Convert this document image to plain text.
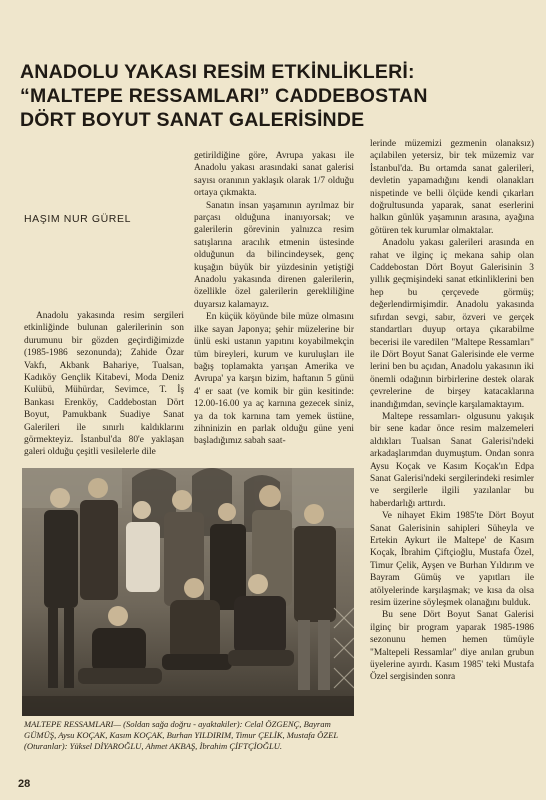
ANADOLU YAKASI RESİM ETKİNLİKLERİ:
“MALTEPE RESSAMLARI” CADDEBOSTAN
DÖRT BOYUT SANAT GALERİSİNDE
HAŞIM NUR GÜREL

Anadolu yakasında resim sergileri etkinliğinde bulunan galerilerinin son durumunu bir gözden geçirdiğimizde (1985-1986 sezonunda); Zahide Özar Vakfı, Akbank Bahariye, Tualsan, Kadıköy Gençlik Kitabevi, Moda Deniz Kulübü, Mühürdar, Sevimce, T. İş Bankası Erenköy, Caddebostan Dört Boyut, Pamukbank Suadiye Sanat Galerileri ile sınırlı kaldıklarını görmekteyiz. İstanbul'da 80'e yaklaşan galeri olduğu çeşitli vesilelerle dile

getirildiğine göre, Avrupa yakası ile Anadolu yakası arasındaki sanat galerisi sayısı oranının yaklaşık olarak 1/7 olduğu ortaya çıkmakta.

Sanatın insan yaşamının ayrılmaz bir parçası olduğuna inanıyorsak; ve galerilerin görevinin yalnızca resim satışlarına aracılık etmenin üstesinde olduğunun da bilincindeysek, genç kuşağın büyük bir yüzdesinin yetiştiği Anadolu yakasında direnen galerilerin, özellikle özel galerilerin gerekliliğine duyarsız kalamayız.

En küçük köyünde bile müze olmasını ilke sayan Japonya; şehir müzelerine bir ünlü eski ustanın yapıtını koyabilmekçin tüm bireyleri, kurum ve kuruluşları ile bağış toplamakta yarışan Amerika ve Avrupa' ya karşın bizim, haftanın 5 günü 4' er saat (ve komik bir gün kesitinde: 12.00-16.00 ya aç karnına gezecek siniz, ya da tok karnına tam yemek üstüne, zihninizin en parlak olduğu güne yeni başladığımız sabah saat-

lerinde müzemizi gezmenin olanaksız) açılabilen yetersiz, bir tek müzemiz var İstanbul'da. Bu ortamda sanat galerileri, devletin yapamadığını kendi olanakları nispetinde ve belli ölçüde kendi çıkarları doğrultusunda yaparak, sanat eserlerini halkın günlük yaşamının arasına, ayağına götüren tek kurumlar olmaktalar.

Anadolu yakası galerileri arasında en rahat ve ilginç iç mekana sahip olan Caddebostan Dört Boyut Galerisinin 3 yıllık geçmişindeki sanat etkinliklerini ben hep bu çerçevede görmüş; değerlendirmişimdir. Anadolu yakasında sıfırdan sevgi, sabır, özveri ve gerçek standartları duyup ortaya çıkarabilme becerisi ile varedilen "Maltepe Ressamları" ile Dört Boyut Sanat Galerisinde ele verme lerini ben bu açıdan, Anadolu yakasının iki önemli odağının birbirlerine destek olarak çevrelerine de birşey katacaklarına inandığımdan, sevinçle karşılamaktayım.

Maltepe ressamları- olgusunu yakışık bir sene kadar önce resim malzemeleri aldıkları Tualsan Sanat Galerisi'ndeki arkadaşlarımdan duymuştum. Ondan sonra Aysu Koçak ve Kasım Koçak'ın Edpa Sanat Galerisi'ndeki sergilerindeki resimler ve sergilerle ilgili yazılanlar bu haberdarlığı arttırdı.

Ve nihayet Ekim 1985'te Dört Boyut Sanat Galerisinin sahipleri Süheyla ve Ertekin Aykurt ile Maltepe' de Kasım Koçak, İbrahim Çiftçioğlu, Mustafa Özel, Timur Çelik, Ayşen ve Burhan Yıldırım ve Bayram Gümüş ve yapıtları ile atölyelerinde karşılaşmak; ve kısa da olsa resim üzerine söyleşmek olanağını bulduk.

Bu sene Dört Boyut Sanat Galerisi ilginç bir program yaparak 1985-1986 sezonunu hemen hemen tümüyle "Maltepeli Ressamlar" diye anılan grubun üyelerine ayırdı. Kasım 1985' teki Mustafa Özel sergisinden sonra

MALTEPE RESSAMLARI— (Soldan sağa doğru - ayaktakiler): Celal ÖZGENÇ, Bayram GÜMÜŞ, Aysu KOÇAK, Kasım KOÇAK, Burhan YILDIRIM, Timur ÇELİK, Mustafa ÖZEL (Oturanlar): Yüksel DİYAROĞLU, Ahmet AKBAŞ, İbrahim ÇİFTÇİOĞLU.
28
